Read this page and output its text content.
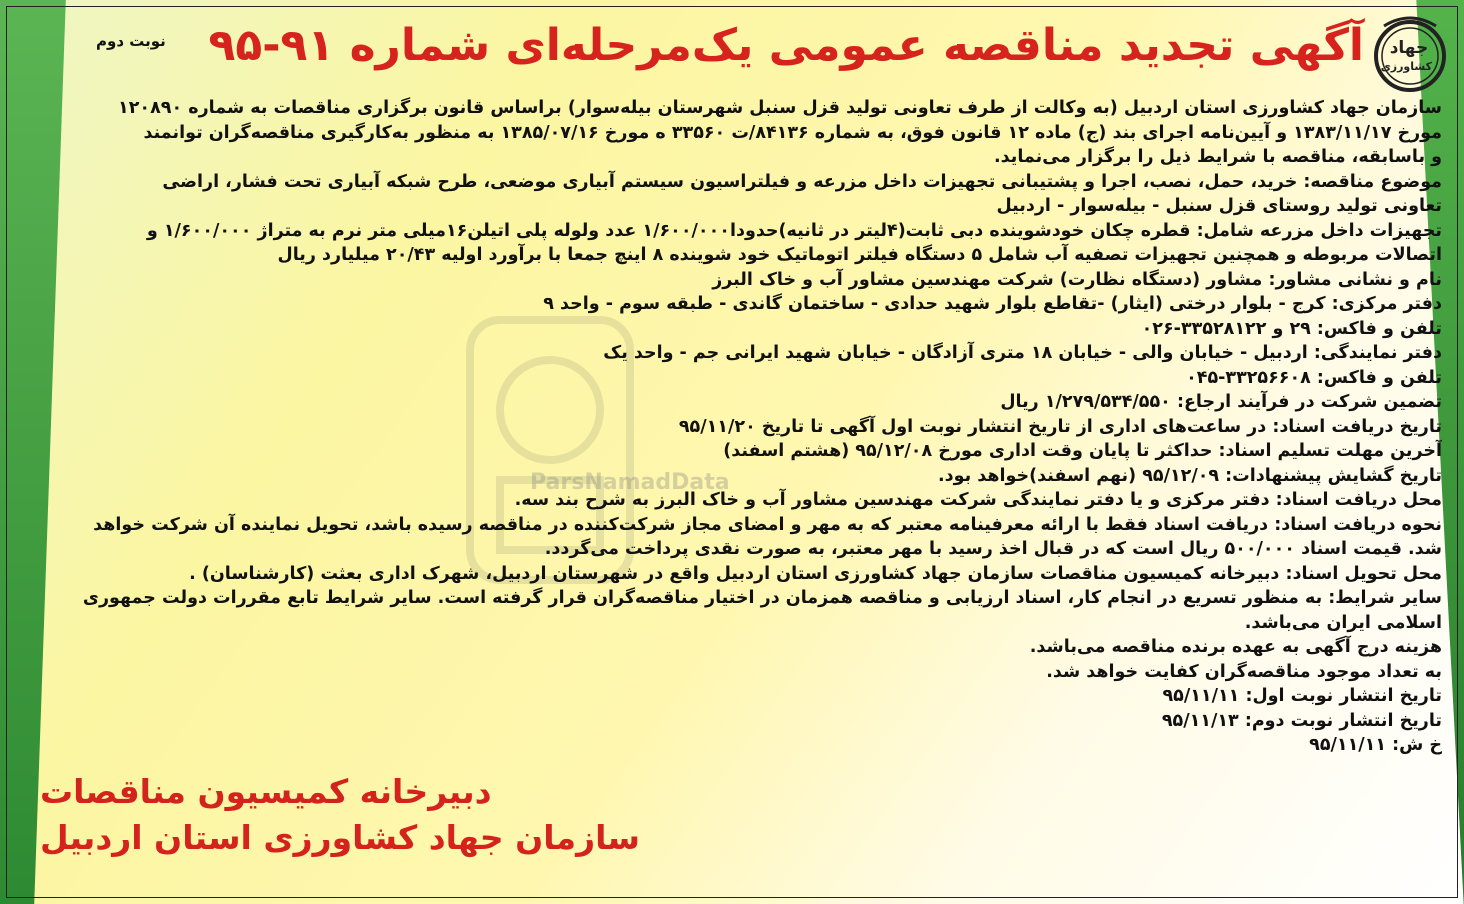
ParsNamadData
جهاد
کشاورزی
نوبت دوم آگهی تجدید مناقصه عمومی یک‌مرحله‌ای شماره ۹۱-۹۵
سازمان جهاد کشاورزی استان اردبیل (به وکالت از طرف تعاونی تولید قزل سنبل شهرستان بیله‌سوار) براساس قانون برگزاری مناقصات به شماره ۱۲۰۸۹۰
مورخ ۱۳۸۳/۱۱/۱۷ و آیین‌نامه اجرای بند (ج) ماده ۱۲ قانون فوق، به شماره ۸۴۱۳۶/ت ۳۳۵۶۰ ه مورخ ۱۳۸۵/۰۷/۱۶ به منظور به‌کارگیری مناقصه‌گران توانمند
و باسابقه، مناقصه با شرایط ذیل را برگزار می‌نماید.
موضوع مناقصه: خرید، حمل، نصب، اجرا و پشتیبانی تجهیزات داخل مزرعه و فیلتراسیون سیستم آبیاری موضعی، طرح شبکه آبیاری تحت فشار، اراضی
تعاونی تولید روستای قزل سنبل - بیله‌سوار - اردبیل
تجهیزات داخل مزرعه شامل: قطره چکان خودشوینده دبی ثابت(۴لیتر در ثانیه)حدودا۱/۶۰۰/۰۰۰ عدد ولوله پلی اتیلن۱۶میلی متر نرم به متراژ ۱/۶۰۰/۰۰۰ و
اتصالات مربوطه و همچنین تجهیزات تصفیه آب شامل ۵ دستگاه فیلتر اتوماتیک خود شوینده ۸ اینچ جمعا با برآورد اولیه ۲۰/۴۳ میلیارد ریال
نام و نشانی مشاور: مشاور (دستگاه نظارت) شرکت مهندسین مشاور آب و خاک البرز
دفتر مرکزی: کرج - بلوار درختی (ایثار) -تقاطع بلوار شهید حدادی - ساختمان گاندی - طبقه سوم - واحد ۹
تلفن و فاکس: ۲۹ و ۳۳۵۲۸۱۲۲-۰۲۶
دفتر نمایندگی: اردبیل - خیابان والی - خیابان ۱۸ متری آزادگان - خیابان شهید ایرانی جم - واحد یک
تلفن و فاکس: ۳۳۲۵۶۶۰۸-۰۴۵
تضمین شرکت در فرآیند ارجاع: ۱/۲۷۹/۵۳۴/۵۵۰ ریال
تاریخ دریافت اسناد: در ساعت‌های اداری از تاریخ انتشار نوبت اول آگهی تا تاریخ ۹۵/۱۱/۲۰
آخرین مهلت تسلیم اسناد: حداکثر تا پایان وقت اداری مورخ ۹۵/۱۲/۰۸ (هشتم اسفند)
تاریخ گشایش پیشنهادات: ۹۵/۱۲/۰۹ (نهم اسفند)خواهد بود.
محل دریافت اسناد: دفتر مرکزی و یا دفتر نمایندگی شرکت مهندسین مشاور آب و خاک البرز به شرح بند سه.
نحوه دریافت اسناد: دریافت اسناد فقط با ارائه معرفینامه معتبر که به مهر و امضای مجاز شرکت‌کننده در مناقصه رسیده باشد، تحویل نماینده آن شرکت خواهد
شد. قیمت اسناد ۵۰۰/۰۰۰ ریال است که در قبال اخذ رسید با مهر معتبر، به صورت نقدی پرداخت می‌گردد.
محل تحویل اسناد: دبیرخانه کمیسیون مناقصات سازمان جهاد کشاورزی استان اردبیل واقع در شهرستان اردبیل، شهرک اداری بعثت (کارشناسان) .
سایر شرایط: به منظور تسریع در انجام کار، اسناد ارزیابی و مناقصه همزمان در اختیار مناقصه‌گران قرار گرفته است. سایر شرایط تابع مقررات دولت جمهوری
اسلامی ایران می‌باشد.
هزینه درج آگهی به عهده برنده مناقصه می‌باشد.
به تعداد موجود مناقصه‌گران کفایت خواهد شد.
تاریخ انتشار نوبت اول: ۹۵/۱۱/۱۱
تاریخ انتشار نوبت دوم: ۹۵/۱۱/۱۳
خ ش: ۹۵/۱۱/۱۱
دبیرخانه کمیسیون مناقصات
سازمان جهاد کشاورزی استان اردبیل
